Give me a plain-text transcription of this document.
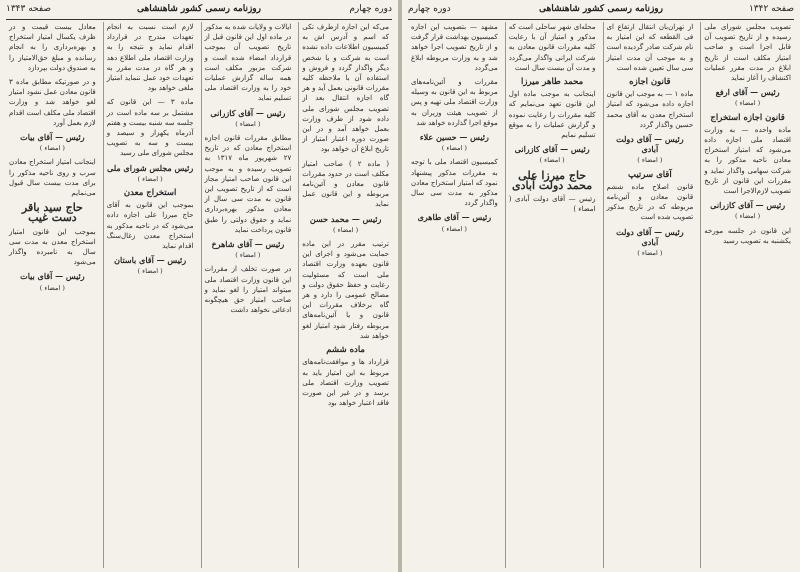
دوره چهارم
روزنامه رسمی کشور شاهنشاهی
صفحه ۱۳۴۳

می‌که این اجازه ازطرف تکی که اسم و آدرس اش به کمیسیون اطلاعات داده نشده است به شرکت و یا شخص دیگر واگذار گردد و فروش و استفاده آن با ملاحظه کلیه مقررات قانونی بعمل آید و هر گاه اجازه انتقال بعد از تصویب مجلس شورای ملی داده شود از طرف وزارت بعمل خواهد آمد و در این صورت دوره اعتبار امتیاز از تاریخ ابلاغ آن خواهد بود

( ماده ۲ ) صاحب امتیاز مکلف است در حدود مقررات قانون معادن و آئین‌نامه مربوطه و این قانون عمل نماید

رئیس — محمد حسن
( امضاء )

ترتیب مقرر در این ماده حمایت می‌شود و اجرای این قانون بعهده وزارت اقتصاد ملی است که مسئولیت رعایت و حفظ حقوق دولت و مصالح عمومی را دارد و هر گاه برخلاف مقررات این قانون و یا آئین‌نامه‌های مربوطه رفتار شود امتیاز لغو خواهد شد

ماده ششم

قرارداد ها و موافقت‌نامه‌های مربوط به این امتیاز باید به تصویب وزارت اقتصاد ملی برسد و در غیر این صورت فاقد اعتبار خواهد بود

ایالات و ولایات شده به مذکور در ماده اول این قانون قبل از تاریخ تصویب آن بموجب قرارداد امضاء شده است و شرکت مزبور مکلف است همه ساله گزارش عملیات خود را به وزارت اقتصاد ملی تسلیم نماید

رئیس — آقای کازرانی
( امضاء )

مطابق مقررات قانون اجازه استخراج معادن که در تاریخ ۲۷ شهریور ماه ۱۳۱۷ به تصویب رسیده و به موجب این قانون صاحب امتیاز مجاز است که از تاریخ تصویب این قانون به مدت سی سال از معادن مذکور بهره‌برداری نماید و حقوق دولتی را طبق قانون پرداخت نماید

رئیس — آقای شاهرخ
( امضاء )

در صورت تخلف از مقررات این قانون وزارت اقتصاد ملی میتواند امتیاز را لغو نماید و صاحب امتیاز حق هیچگونه ادعائی نخواهد داشت

لازم است نسبت به انجام تعهدات مندرج در قرارداد اقدام نماید و نتیجه را به وزارت اقتصاد ملی اطلاع دهد و هر گاه در مدت مقرر به تعهدات خود عمل ننماید امتیاز ملغی خواهد بود

ماده ۳ — این قانون که مشتمل بر سه ماده است در جلسه سه شنبه بیست و هفتم آذرماه یکهزار و سیصد و بیست و سه به تصویب مجلس شورای ملی رسید

رئیس مجلس شورای ملی
( امضاء )
استخراج معدن

بموجب این قانون به آقای حاج میرزا علی اجازه داده می‌شود که در ناحیه مذکور به استخراج معدن زغال‌سنگ اقدام نماید

رئیس — آقای باستان
( امضاء )

معادل بیست قیمت و در ظرف یکسال امتیاز استخراج و بهره‌برداری را به انجام رسانده و مبلغ حق‌الامتیاز را به صندوق دولت بپردازد

و در صورتیکه مطابق ماده ۳ قانون معادن عمل نشود امتیاز لغو خواهد شد و وزارت اقتصاد ملی مکلف است اقدام لازم بعمل آورد

رئیس — آقای بیات
( امضاء )

اینجانب امتیاز استخراج معادن سرب و روی ناحیه مذکور را برای مدت بیست سال قبول می‌نمایم

حاج سید باقر دست غیب

بموجب این قانون امتیاز استخراج معدن به مدت سی سال به نامبرده واگذار می‌شود

رئیس — آقای بیات
( امضاء )
دوره چهارم	روزنامه رسمی کشور شاهنشاهی	صفحه ۱۳۴۲

تصویب مجلس شورای ملی رسیده و از تاریخ تصویب آن قابل اجرا است و صاحب امتیاز مکلف است از تاریخ ابلاغ در مدت مقرر عملیات اکتشاف را آغاز نماید

رئیس — آقای ارفع
( امضاء )
قانون اجازه استخراج

ماده واحده — به وزارت اقتصاد ملی اجازه داده می‌شود که امتیاز استخراج معادن ناحیه مذکور را به شرکت سهامی واگذار نماید و مقررات این قانون از تاریخ تصویب لازم‌الاجرا است

رئیس — آقای کازرانی
( امضاء )

این قانون در جلسه مورخه یکشنبه به تصویب رسید

از تهران‌بان انتقال ارتفاع ای فی القطعه که این امتیاز به نام شرکت صادر گردیده است و به موجب آن مدت امتیاز سی سال تعیین شده است

قانون اجازه

ماده ۱ — به موجب این قانون اجازه داده می‌شود که امتیاز استخراج معدن به آقای محمد حسین واگذار گردد

رئیس — آقای دولت آبادی
( امضاء )
آقای سرتیپ

قانون اصلاح ماده ششم قانون معادن و آئین‌نامه مربوطه که در تاریخ مذکور تصویب شده است

رئیس — آقای دولت آبادی
( امضاء )

محله‌ای شهر ساحلی است که مذکور و امتیاز آن با رعایت کلیه مقررات قانون معادن به شرکت ایرانی واگذار می‌گردد و مدت آن بیست سال است

محمد طاهر میرزا

اینجانب به موجب ماده اول این قانون تعهد می‌نمایم که کلیه مقررات را رعایت نموده و گزارش عملیات را به موقع تسلیم نمایم

رئیس — آقای کازرانی
( امضاء )
حاج میرزا علی محمد دولت آبادی

رئیس — آقای دولت آبادی ( امضاء )

مشهد — بتصویب این اجازه کمیسیون بهداشت قرار گرفت و از تاریخ تصویب اجرا خواهد شد و به وزارت مربوطه ابلاغ می‌گردد

مقررات و آئین‌نامه‌های مربوط به این قانون به وسیله وزارت اقتصاد ملی تهیه و پس از تصویب هیئت وزیران به موقع اجرا گذارده خواهد شد

رئیس — حسین علاء
( امضاء )

کمیسیون اقتصاد ملی با توجه به مقررات مذکور پیشنهاد نمود که امتیاز استخراج معادن مذکور به مدت سی سال واگذار گردد

رئیس — آقای طاهری
( امضاء )
